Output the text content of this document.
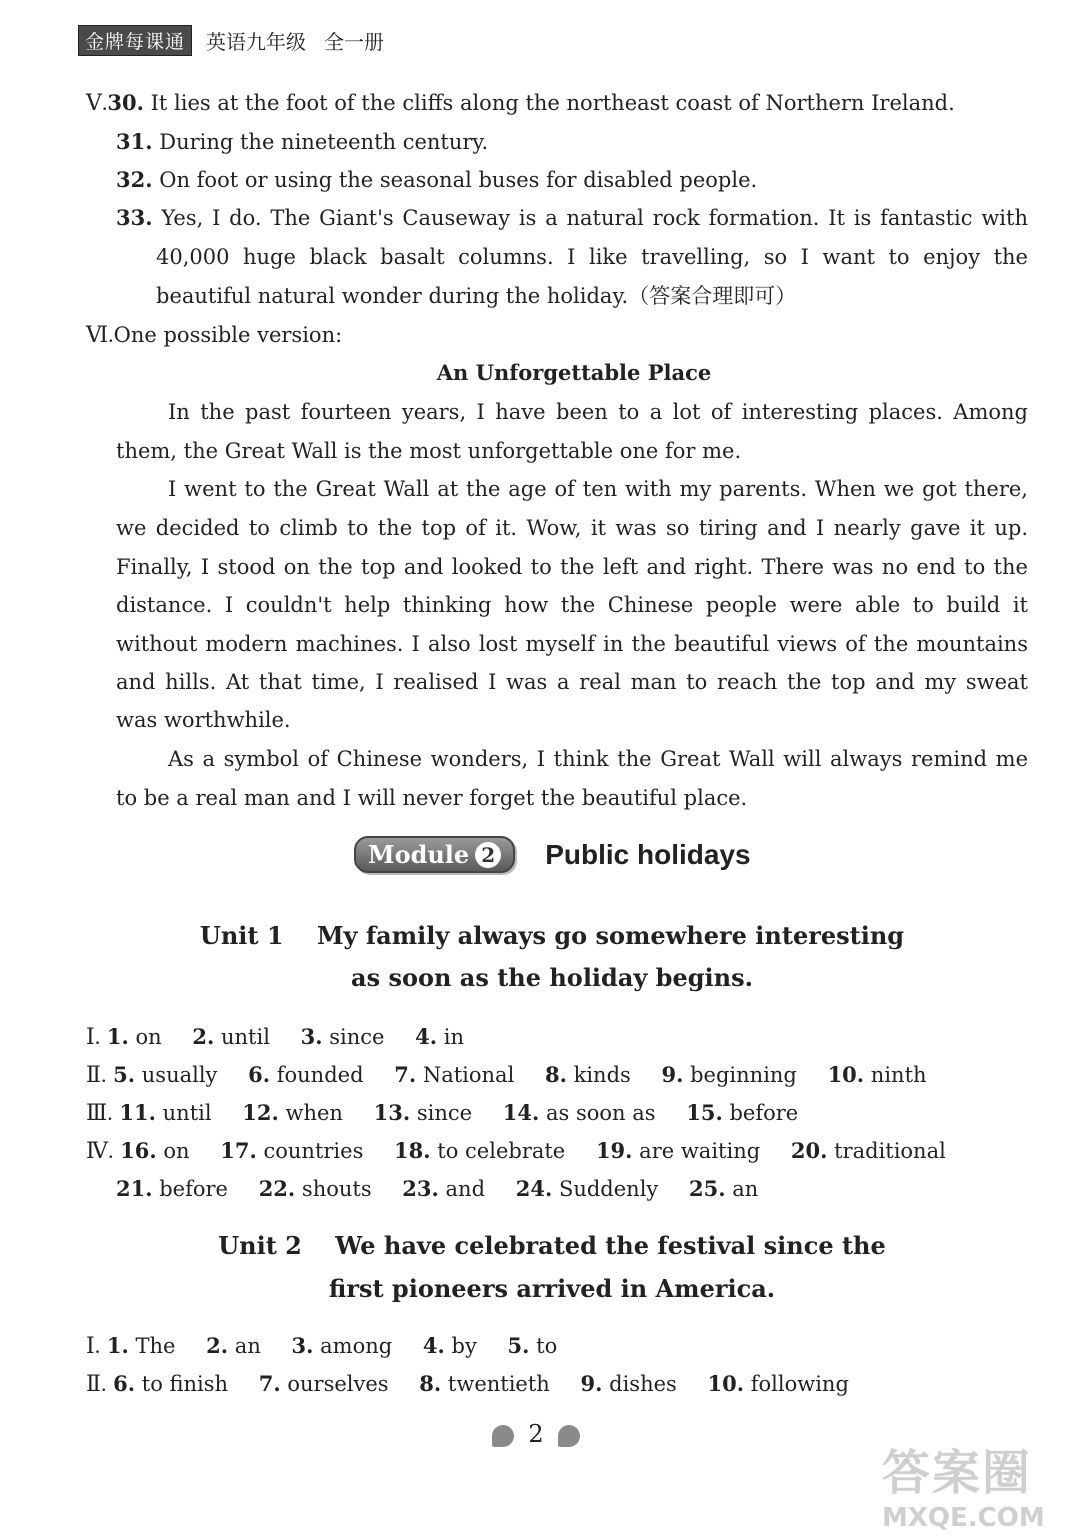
金牌每课通	英语九年级 全一册
Ⅴ.30. It lies at the foot of the cliffs along the northeast coast of Northern Ireland.
31. During the nineteenth century.
32. On foot or using the seasonal buses for disabled people.
33. Yes, I do. The Giant's Causeway is a natural rock formation. It is fantastic with
40,000 huge black basalt columns. I like travelling, so I want to enjoy the
beautiful natural wonder during the holiday.（答案合理即可）
Ⅵ.One possible version:
An Unforgettable Place
In the past fourteen years, I have been to a lot of interesting places. Among
them, the Great Wall is the most unforgettable one for me.
I went to the Great Wall at the age of ten with my parents. When we got there,
we decided to climb to the top of it. Wow, it was so tiring and I nearly gave it up.
Finally, I stood on the top and looked to the left and right. There was no end to the
distance. I couldn't help thinking how the Chinese people were able to build it
without modern machines. I also lost myself in the beautiful views of the mountains
and hills. At that time, I realised I was a real man to reach the top and my sweat
was worthwhile.
As a symbol of Chinese wonders, I think the Great Wall will always remind me
to be a real man and I will never forget the beautiful place.
Module 2 Public holidays
Unit 1    My family always go somewhere interesting
as soon as the holiday begins.
Ⅰ. 1. on 2. until 3. since 4. in
Ⅱ. 5. usually 6. founded 7. National 8. kinds 9. beginning 10. ninth
Ⅲ. 11. until 12. when 13. since 14. as soon as 15. before
Ⅳ. 16. on 17. countries 18. to celebrate 19. are waiting 20. traditional
21. before 22. shouts 23. and 24. Suddenly 25. an
Unit 2    We have celebrated the festival since the
first pioneers arrived in America.
Ⅰ. 1. The 2. an 3. among 4. by 5. to
Ⅱ. 6. to finish 7. ourselves 8. twentieth 9. dishes 10. following
2
答案圈
MXQE.COM
